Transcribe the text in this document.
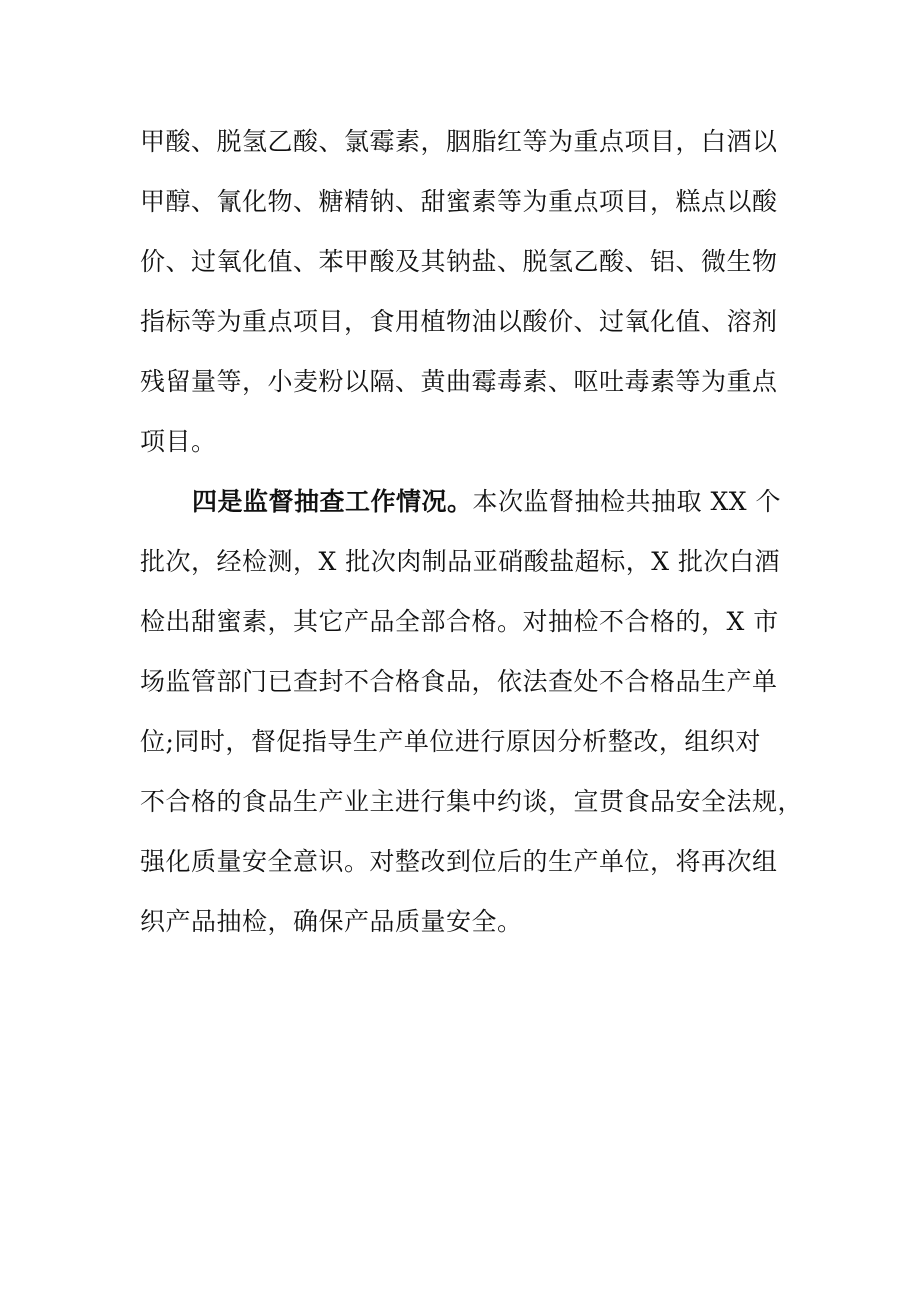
甲酸、脱氢乙酸、氯霉素，胭脂红等为重点项目，白酒以
甲醇、氰化物、糖精钠、甜蜜素等为重点项目，糕点以酸
价、过氧化值、苯甲酸及其钠盐、脱氢乙酸、铝、微生物
指标等为重点项目，食用植物油以酸价、过氧化值、溶剂
残留量等，小麦粉以隔、黄曲霉毒素、呕吐毒素等为重点
项目。
四是监督抽查工作情况。本次监督抽检共抽取 XX 个
批次，经检测，X 批次肉制品亚硝酸盐超标，X 批次白酒
检出甜蜜素，其它产品全部合格。对抽检不合格的，X 市
场监管部门已查封不合格食品，依法查处不合格品生产单
位;同时，督促指导生产单位进行原因分析整改，组织对
不合格的食品生产业主进行集中约谈，宣贯食品安全法规，
强化质量安全意识。对整改到位后的生产单位，将再次组
织产品抽检，确保产品质量安全。
